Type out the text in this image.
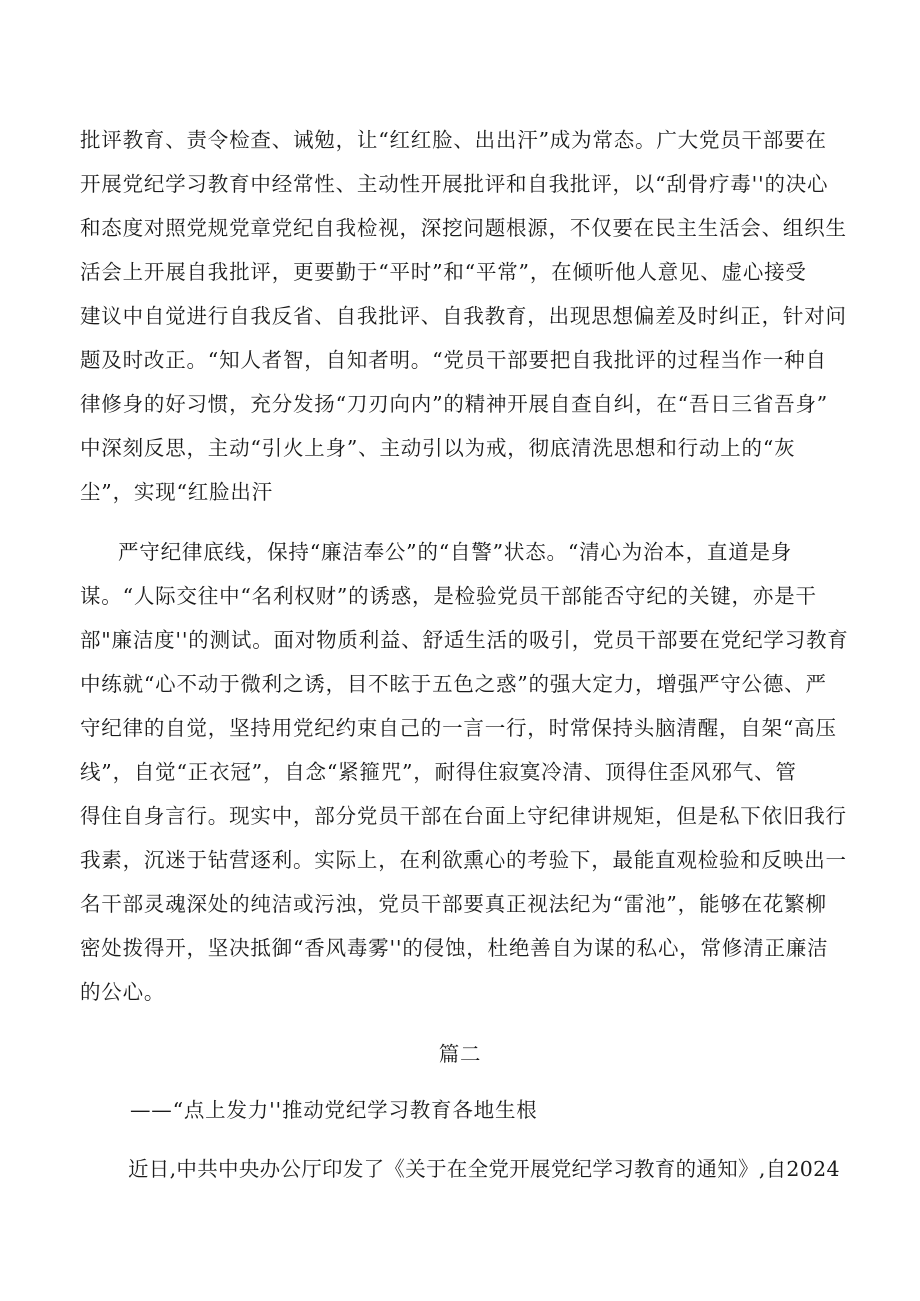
批评教育、责令检查、诫勉，让“红红脸、出出汗”成为常态。广大党员干部要在
开展党纪学习教育中经常性、主动性开展批评和自我批评，以“刮骨疗毒''的决心
和态度对照党规党章党纪自我检视，深挖问题根源，不仅要在民主生活会、组织生
活会上开展自我批评，更要勤于“平时”和“平常”，在倾听他人意见、虚心接受
建议中自觉进行自我反省、自我批评、自我教育，出现思想偏差及时纠正，针对问
题及时改正。“知人者智，自知者明。“党员干部要把自我批评的过程当作一种自
律修身的好习惯，充分发扬“刀刃向内”的精神开展自查自纠，在“吾日三省吾身”
中深刻反思，主动“引火上身”、主动引以为戒，彻底清洗思想和行动上的“灰
尘”，实现“红脸出汗
严守纪律底线，保持“廉洁奉公”的“自警”状态。“清心为治本，直道是身
谋。“人际交往中“名利权财”的诱惑，是检验党员干部能否守纪的关键，亦是干
部"廉洁度''的测试。面对物质利益、舒适生活的吸引，党员干部要在党纪学习教育
中练就“心不动于微利之诱，目不眩于五色之惑”的强大定力，增强严守公德、严
守纪律的自觉，坚持用党纪约束自己的一言一行，时常保持头脑清醒，自架“高压
线”，自觉“正衣冠”，自念“紧箍咒”，耐得住寂寞冷清、顶得住歪风邪气、管
得住自身言行。现实中，部分党员干部在台面上守纪律讲规矩，但是私下依旧我行
我素，沉迷于钻营逐利。实际上，在利欲熏心的考验下，最能直观检验和反映出一
名干部灵魂深处的纯洁或污浊，党员干部要真正视法纪为“雷池”，能够在花繁柳
密处拨得开，坚决抵御“香风毒雾''的侵蚀，杜绝善自为谋的私心，常修清正廉洁
的公心。
篇二
——“点上发力''推动党纪学习教育各地生根
近日,中共中央办公厅印发了《关于在全党开展党纪学习教育的通知》,自2024
